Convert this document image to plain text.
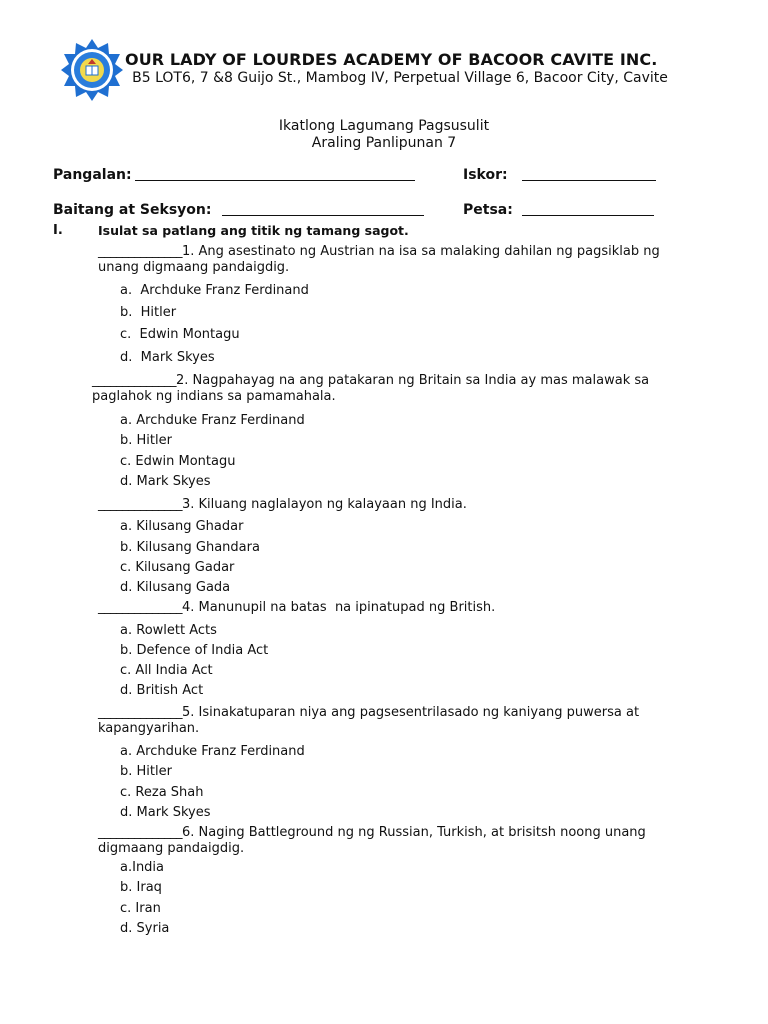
OUR LADY OF LOURDES ACADEMY OF BACOOR CAVITE INC.
B5 LOT6, 7 &8 Guijo St., Mambog IV, Perpetual Village 6, Bacoor City, Cavite
Ikatlong Lagumang Pagsusulit
Araling Panlipunan 7
Pangalan:	Iskor:
Baitang at Seksyon:	Petsa:
I.	Isulat sa patlang ang titik ng tamang sagot.
______________1. Ang asestinato ng Austrian na isa sa malaking dahilan ng pagsiklab ng unang digmaang pandaigdig.
a. Archduke Franz Ferdinand
b. Hitler
c. Edwin Montagu
d. Mark Skyes
______________2. Nagpahayag na ang patakaran ng Britain sa India ay mas malawak sa paglahok ng indians sa pamamahala.
a. Archduke Franz Ferdinand
b. Hitler
c. Edwin Montagu
d. Mark Skyes
______________3. Kiluang naglalayon ng kalayaan ng India.
a. Kilusang Ghadar
b. Kilusang Ghandara
c. Kilusang Gadar
d. Kilusang Gada
______________4. Manunupil na batas  na ipinatupad ng British.
a. Rowlett Acts
b. Defence of India Act
c. All India Act
d. British Act
______________5. Isinakatuparan niya ang pagsesentrilasado ng kaniyang puwersa at kapangyarihan.
a. Archduke Franz Ferdinand
b. Hitler
c. Reza Shah
d. Mark Skyes
______________6. Naging Battleground ng ng Russian, Turkish, at brisitsh noong unang digmaang pandaigdig.
a.India
b. Iraq
c. Iran
d. Syria
